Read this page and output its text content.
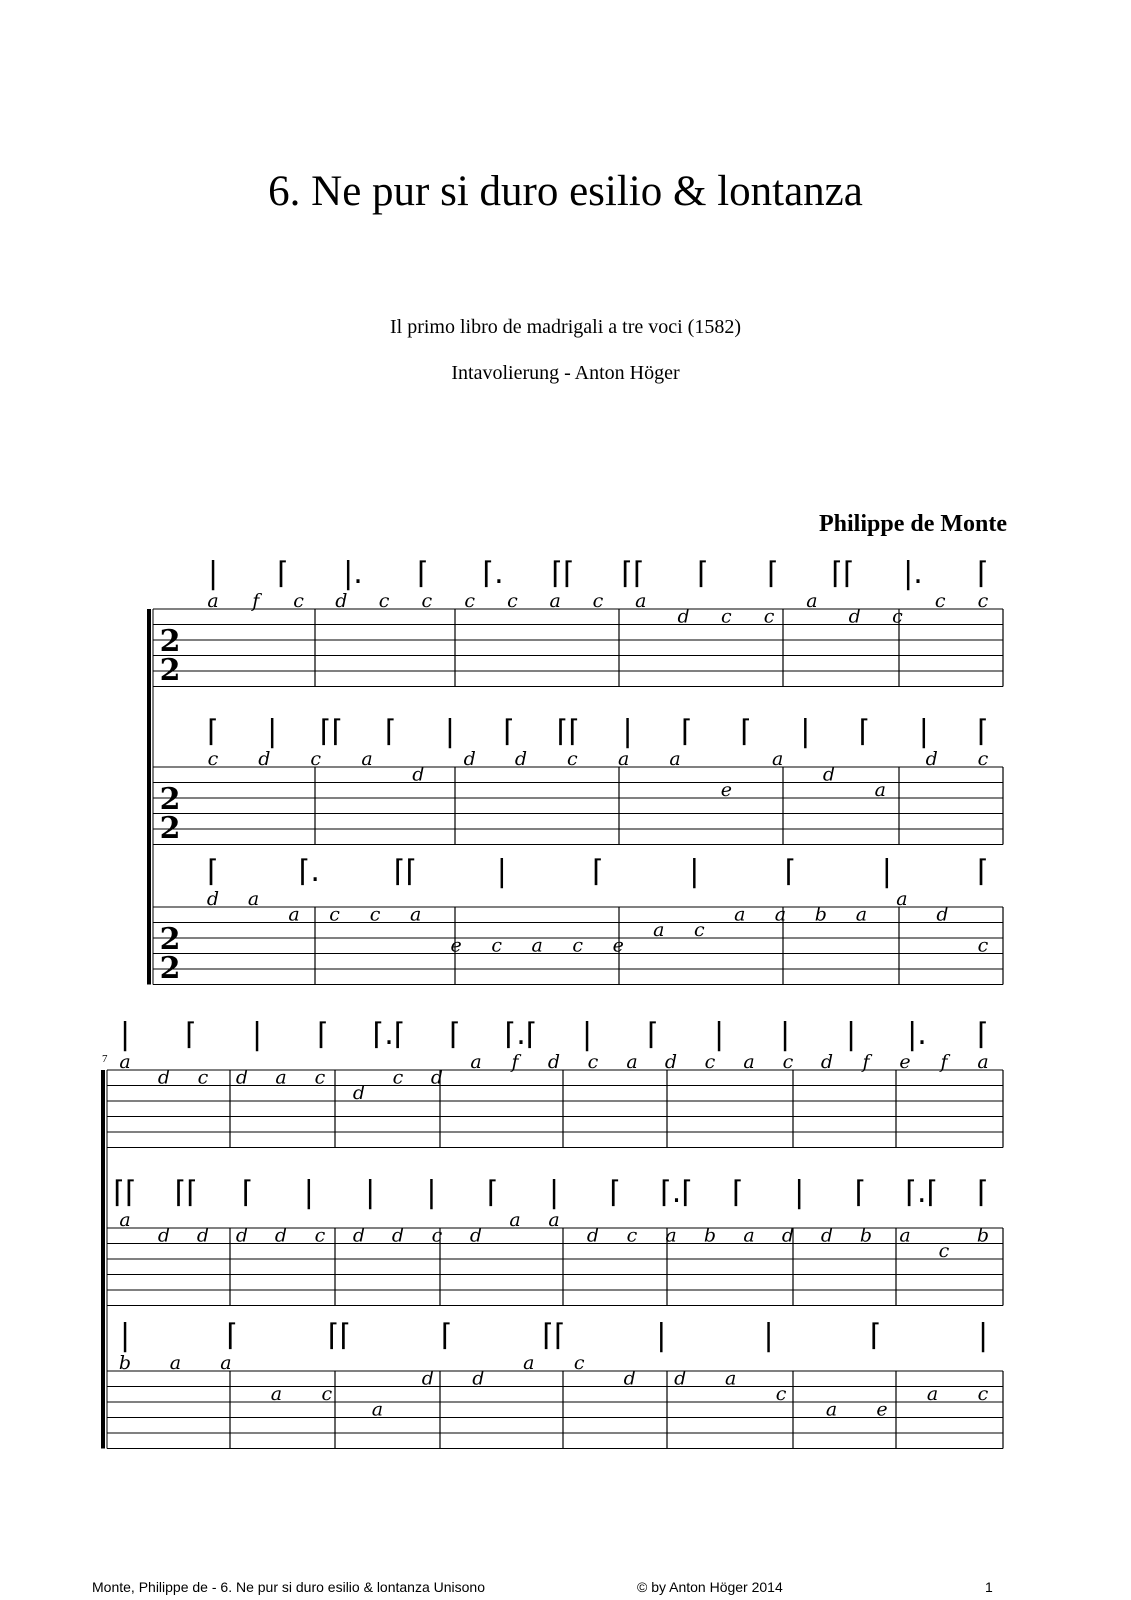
6. Ne pur si duro esilio & lontanza
Il primo libro de madrigali a tre voci (1582)
Intavolierung - Anton Höger
Philippe de Monte
2
2
a f c d c c c c a c a
d c c
a
d c
c c
| ⌈ |. ⌈ ⌈. ⌈⌈ ⌈⌈ ⌈ ⌈ ⌈⌈ |. ⌈
2
2
c d c a
d
d d c a a
e
a
d
a
d c
⌈ | ⌈⌈ ⌈ | ⌈ ⌈⌈ | ⌈ ⌈ | ⌈ | ⌈
2
2
d a
a c c a
e c a c e
a c
a a b a
a
d
c
⌈	⌈. ⌈⌈	|	⌈	|	⌈	|	⌈
7 a
d c d a c
d
c d
a f d c a d c a c d f e f a
| ⌈ | ⌈ ⌈.⌈ ⌈ ⌈.⌈ | ⌈ | | | |. ⌈
a
d d d d c d d c d
a a
d c a b a d d b a
c
b
⌈⌈ ⌈⌈ ⌈ | | | ⌈ | ⌈ ⌈.⌈ ⌈ | ⌈ ⌈.⌈ ⌈
b a a
a c
a
d d
a c
d d a
c
a e
a c
|	⌈	⌈⌈	⌈	⌈⌈	|	|	⌈	|
Monte, Philippe de - 6. Ne pur si duro esilio & lontanza Unisono	© by Anton Höger 2014	1
